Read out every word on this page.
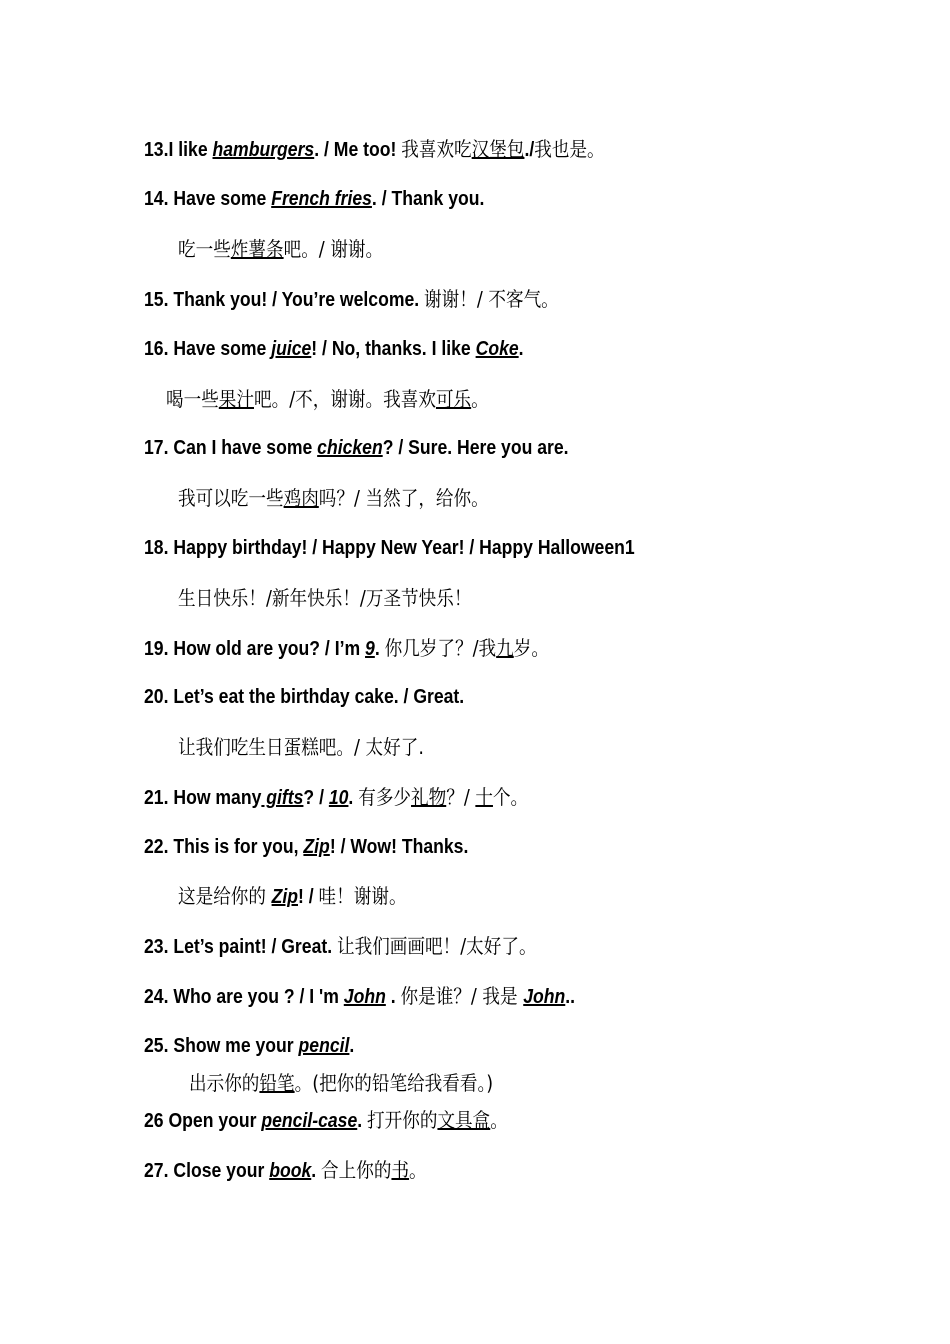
13.I like hamburgers. / Me too! 我喜欢吃汉堡包./我也是。
14. Have some French fries. / Thank you.
吃一些炸薯条吧。/ 谢谢。
15. Thank you! / You’re welcome. 谢谢！/ 不客气。
16. Have some juice! / No, thanks. I like Coke.
喝一些果汁吧。/不，谢谢。我喜欢可乐。
17. Can I have some chicken? / Sure. Here you are.
我可以吃一些鸡肉吗？/ 当然了，给你。
18. Happy birthday! / Happy New Year! / Happy Halloween1
生日快乐！/新年快乐！/万圣节快乐！
19. How old are you? / I’m 9. 你几岁了？/我九岁。
20. Let’s eat the birthday cake. / Great.
让我们吃生日蛋糕吧。/ 太好了.
21. How many gifts? / 10. 有多少礼物？/ 十个。
22. This is for you, Zip! / Wow! Thanks.
这是给你的 Zip! / 哇！谢谢。
23. Let’s paint! / Great. 让我们画画吧！/太好了。
24. Who are you ? / I 'm John . 你是谁？/ 我是 John..
25. Show me your pencil.
出示你的铅笔。(把你的铅笔给我看看。)
26 Open your pencil-case. 打开你的文具盒。
27. Close your book. 合上你的书。
